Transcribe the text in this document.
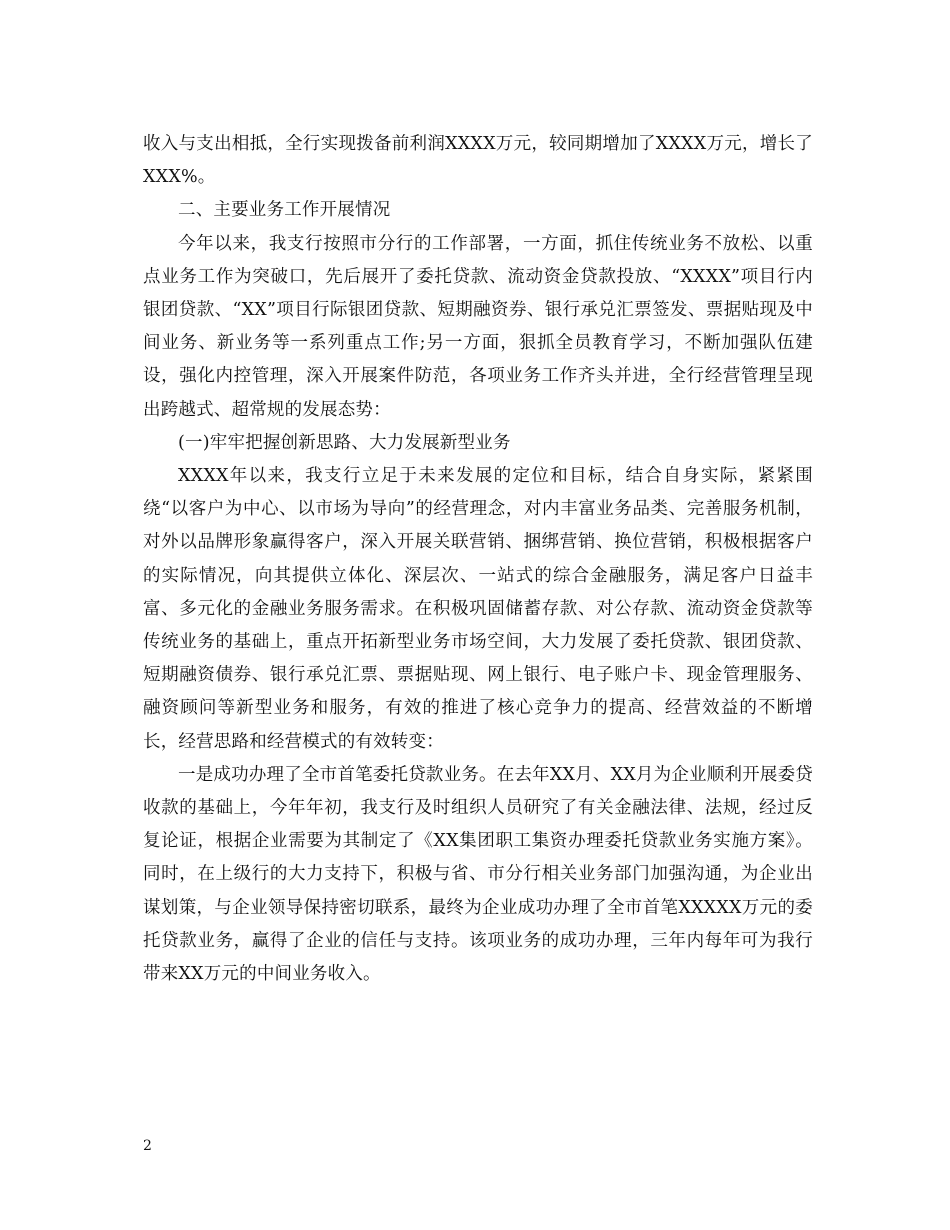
收入与支出相抵，全行实现拨备前利润XXXX万元，较同期增加了XXXX万元，增长了XXX%。

二、主要业务工作开展情况

今年以来，我支行按照市分行的工作部署，一方面，抓住传统业务不放松、以重点业务工作为突破口，先后展开了委托贷款、流动资金贷款投放、“XXXX”项目行内银团贷款、“XX”项目行际银团贷款、短期融资券、银行承兑汇票签发、票据贴现及中间业务、新业务等一系列重点工作;另一方面，狠抓全员教育学习，不断加强队伍建设，强化内控管理，深入开展案件防范，各项业务工作齐头并进，全行经营管理呈现出跨越式、超常规的发展态势：

(一)牢牢把握创新思路、大力发展新型业务

XXXX年以来，我支行立足于未来发展的定位和目标，结合自身实际，紧紧围绕“以客户为中心、以市场为导向”的经营理念，对内丰富业务品类、完善服务机制，对外以品牌形象赢得客户，深入开展关联营销、捆绑营销、换位营销，积极根据客户的实际情况，向其提供立体化、深层次、一站式的综合金融服务，满足客户日益丰富、多元化的金融业务服务需求。在积极巩固储蓄存款、对公存款、流动资金贷款等传统业务的基础上，重点开拓新型业务市场空间，大力发展了委托贷款、银团贷款、短期融资债券、银行承兑汇票、票据贴现、网上银行、电子账户卡、现金管理服务、融资顾问等新型业务和服务，有效的推进了核心竞争力的提高、经营效益的不断增长，经营思路和经营模式的有效转变：

一是成功办理了全市首笔委托贷款业务。在去年XX月、XX月为企业顺利开展委贷收款的基础上，今年年初，我支行及时组织人员研究了有关金融法律、法规，经过反复论证，根据企业需要为其制定了《XX集团职工集资办理委托贷款业务实施方案》。同时，在上级行的大力支持下，积极与省、市分行相关业务部门加强沟通，为企业出谋划策，与企业领导保持密切联系，最终为企业成功办理了全市首笔XXXXX万元的委托贷款业务，赢得了企业的信任与支持。该项业务的成功办理，三年内每年可为我行带来XX万元的中间业务收入。

2
